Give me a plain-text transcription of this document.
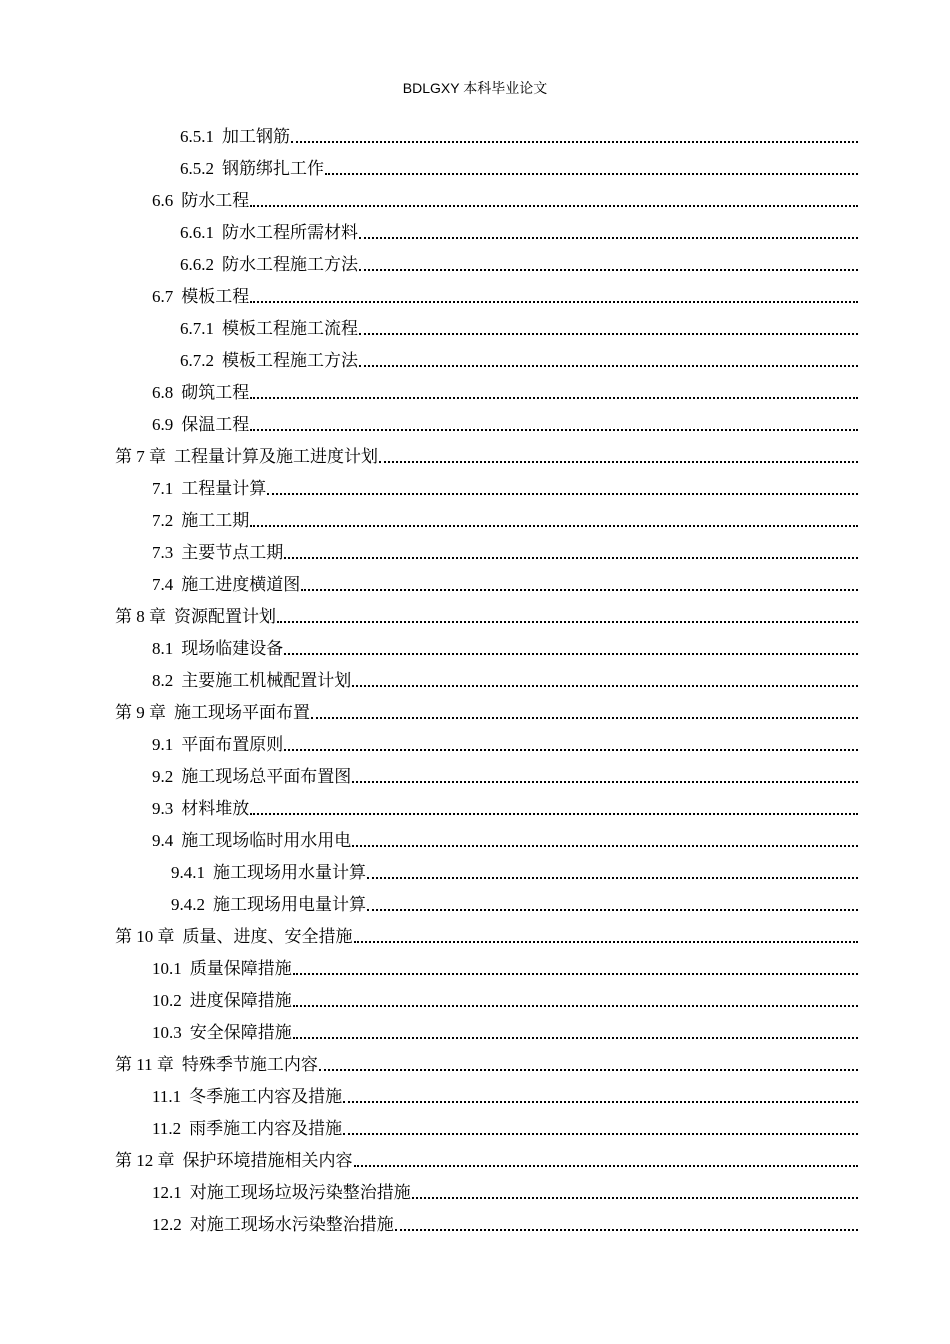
BDLGXY 本科毕业论文
6.5.1 加工钢筋
6.5.2 钢筋绑扎工作
6.6 防水工程
6.6.1 防水工程所需材料
6.6.2 防水工程施工方法
6.7 模板工程
6.7.1 模板工程施工流程
6.7.2 模板工程施工方法
6.8 砌筑工程
6.9 保温工程
第 7 章 工程量计算及施工进度计划
7.1 工程量计算
7.2 施工工期
7.3 主要节点工期
7.4 施工进度横道图
第 8 章 资源配置计划
8.1 现场临建设备
8.2 主要施工机械配置计划
第 9 章 施工现场平面布置
9.1 平面布置原则
9.2 施工现场总平面布置图
9.3 材料堆放
9.4 施工现场临时用水用电
9.4.1 施工现场用水量计算
9.4.2 施工现场用电量计算
第 10 章 质量、进度、安全措施
10.1 质量保障措施
10.2 进度保障措施
10.3 安全保障措施
第 11 章 特殊季节施工内容
11.1 冬季施工内容及措施
11.2 雨季施工内容及措施
第 12 章 保护环境措施相关内容
12.1 对施工现场垃圾污染整治措施
12.2 对施工现场水污染整治措施
